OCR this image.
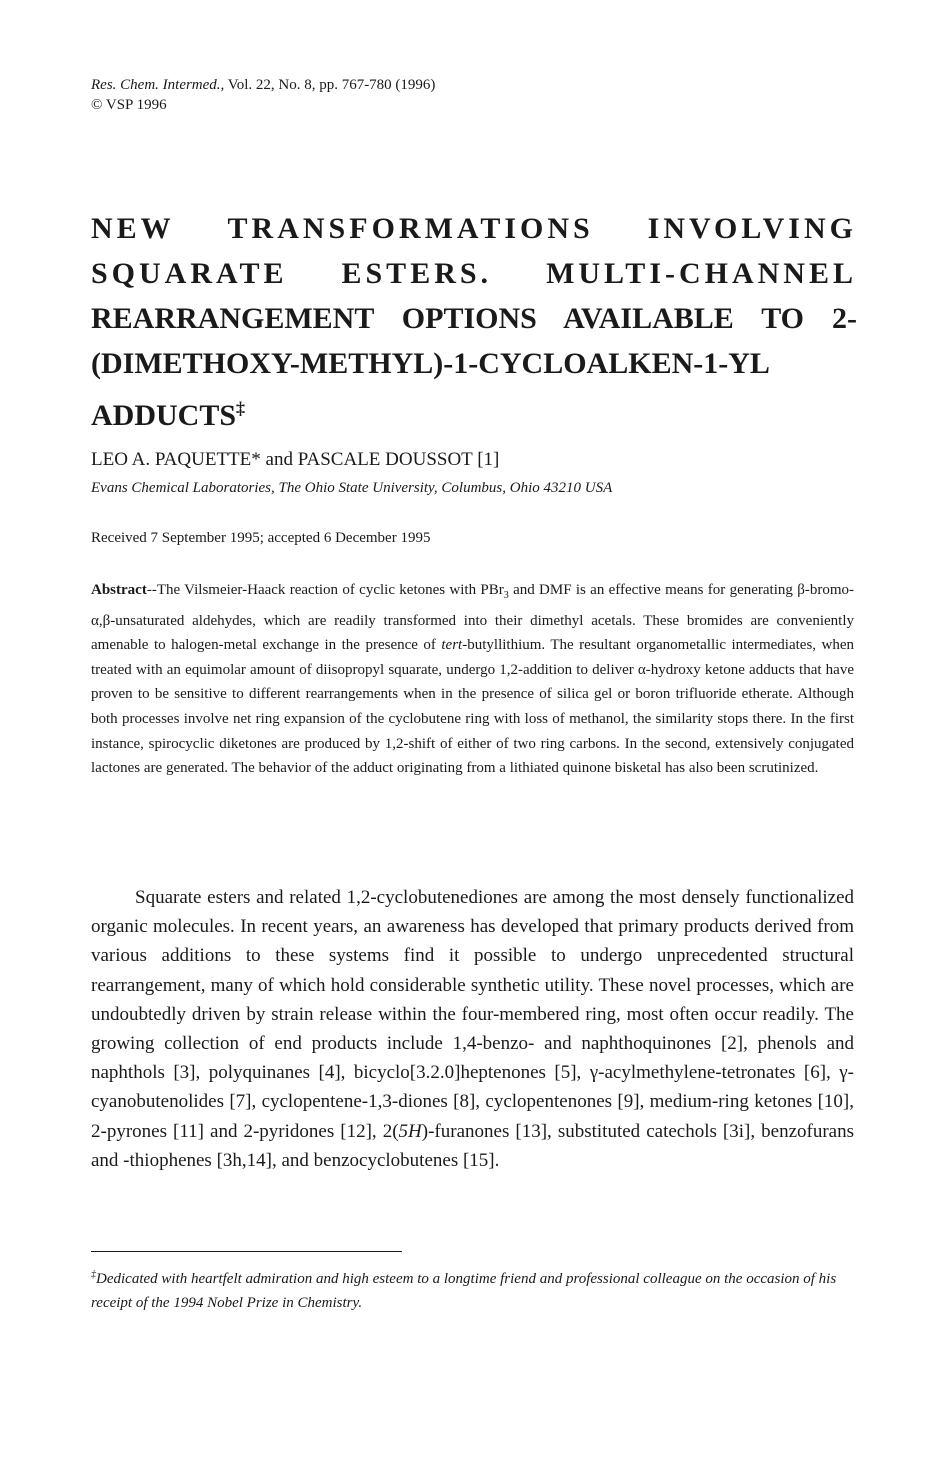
Res. Chem. Intermed., Vol. 22, No. 8, pp. 767-780 (1996)
© VSP 1996
NEW TRANSFORMATIONS INVOLVING
SQUARATE ESTERS. MULTI-CHANNEL
REARRANGEMENT OPTIONS AVAILABLE TO 2-
(DIMETHOXY-METHYL)-1-CYCLOALKEN-1-YL
ADDUCTS‡
LEO A. PAQUETTE* and PASCALE DOUSSOT [1]
Evans Chemical Laboratories, The Ohio State University, Columbus, Ohio 43210 USA
Received 7 September 1995; accepted 6 December 1995

Abstract--The Vilsmeier-Haack reaction of cyclic ketones with PBr$_3$ and DMF is an effective means for generating β-bromo-α,β-unsaturated aldehydes, which are readily transformed into their dimethyl acetals. These bromides are conveniently amenable to halogen-metal exchange in the presence of tert-butyllithium. The resultant organometallic intermediates, when treated with an equimolar amount of diisopropyl squarate, undergo 1,2-addition to deliver α-hydroxy ketone adducts that have proven to be sensitive to different rearrangements when in the presence of silica gel or boron trifluoride etherate. Although both processes involve net ring expansion of the cyclobutene ring with loss of methanol, the similarity stops there. In the first instance, spirocyclic diketones are produced by 1,2-shift of either of two ring carbons. In the second, extensively conjugated lactones are generated. The behavior of the adduct originating from a lithiated quinone bisketal has also been scrutinized.

Squarate esters and related 1,2-cyclobutenediones are among the most densely functionalized organic molecules. In recent years, an awareness has developed that primary products derived from various additions to these systems find it possible to undergo unprecedented structural rearrangement, many of which hold considerable synthetic utility. These novel processes, which are undoubtedly driven by strain release within the four-membered ring, most often occur readily. The growing collection of end products include 1,4-benzo- and naphthoquinones [2], phenols and naphthols [3], polyquinanes [4], bicyclo[3.2.0]heptenones [5], γ-acylmethylene-tetronates [6], γ-cyanobutenolides [7], cyclopentene-1,3-diones [8], cyclopentenones [9], medium-ring ketones [10], 2-pyrones [11] and 2-pyridones [12], 2(5H)-furanones [13], substituted catechols [3i], benzofurans and -thiophenes [3h,14], and benzocyclobutenes [15].

‡Dedicated with heartfelt admiration and high esteem to a longtime friend and professional colleague on the occasion of his receipt of the 1994 Nobel Prize in Chemistry.
